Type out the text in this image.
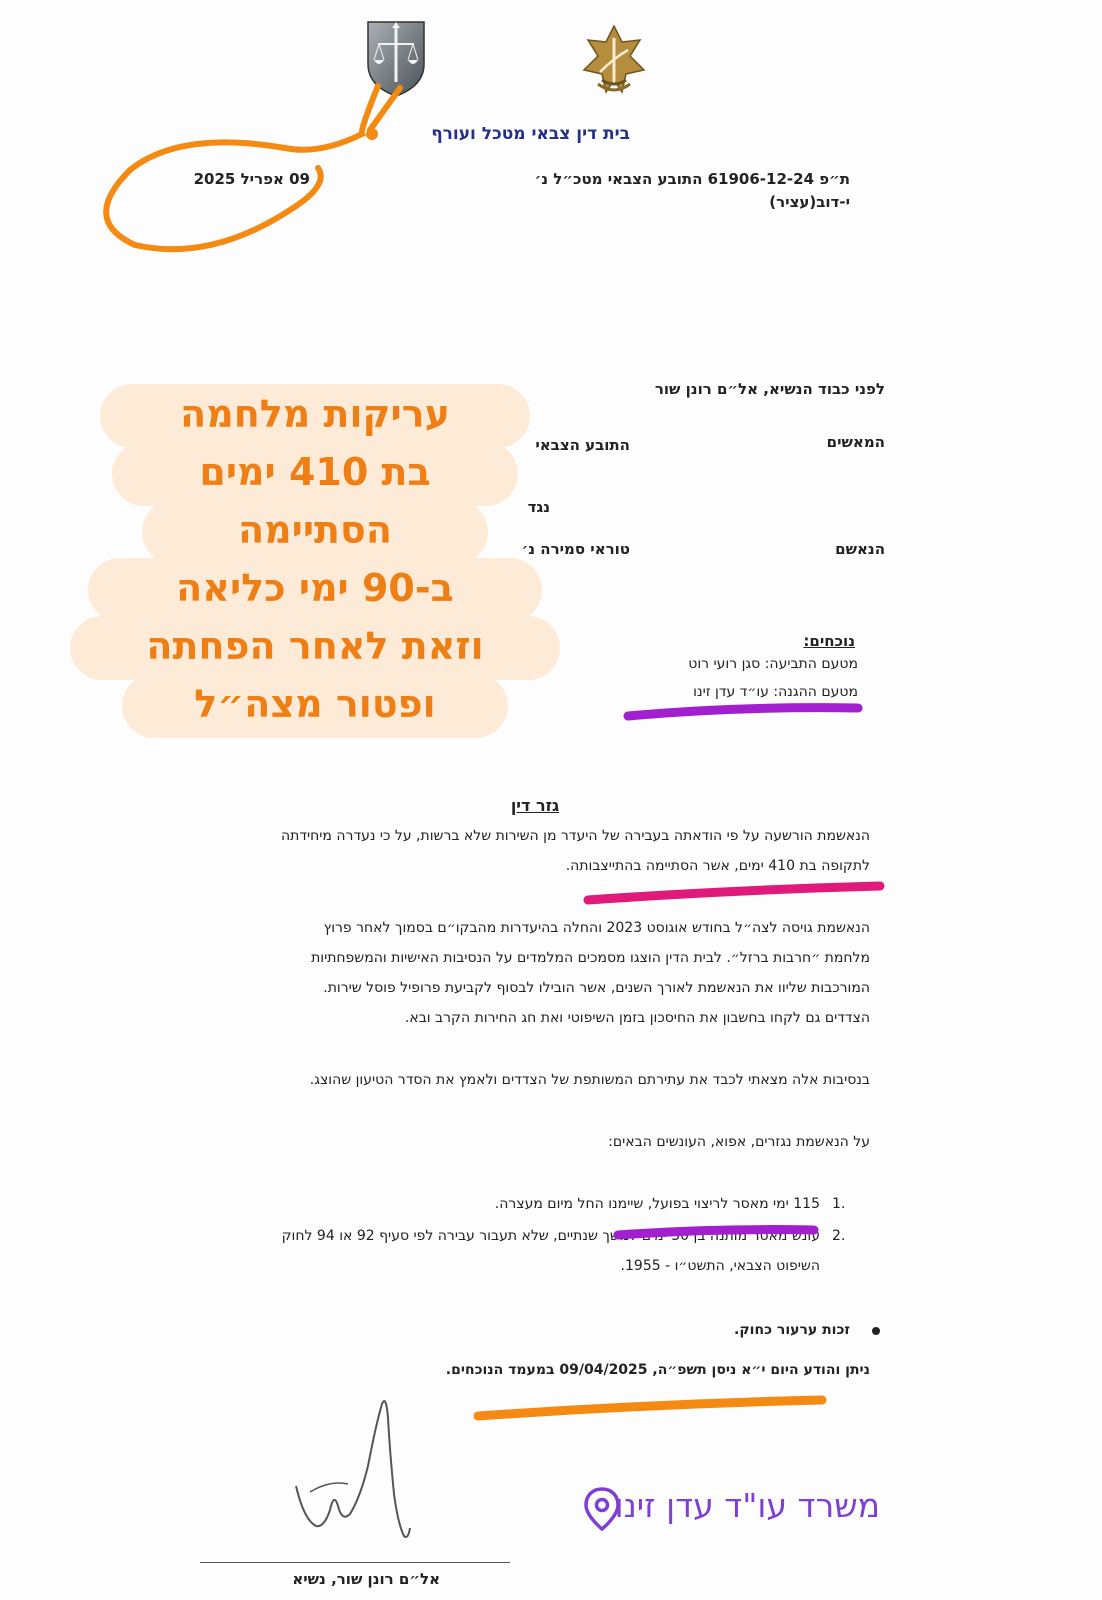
בית דין צבאי מטכל ועורף
ת״פ 61906-12-24 התובע הצבאי מטכ״ל נ׳
י-דוב(עציר)
09 אפריל 2025
לפני כבוד הנשיא, אל״ם רונן שור
המאשים
התובע הצבאי
נגד
הנאשם
טוראי סמירה נ׳
נוכחים:
מטעם התביעה: סגן רועי רוט
מטעם ההגנה: עו״ד עדן זינו
גזר דין
הנאשמת הורשעה על פי הודאתה בעבירה של היעדר מן השירות שלא ברשות, על כי נעדרה מיחידתה
לתקופה בת 410 ימים, אשר הסתיימה בהתייצבותה.
הנאשמת גויסה לצה״ל בחודש אוגוסט 2023 והחלה בהיעדרות מהבקו״ם בסמוך לאחר פרוץ
מלחמת ״חרבות ברזל״. לבית הדין הוצגו מסמכים המלמדים על הנסיבות האישיות והמשפחתיות
המורכבות שליוו את הנאשמת לאורך השנים, אשר הובילו לבסוף לקביעת פרופיל פוסל שירות.
הצדדים גם לקחו בחשבון את החיסכון בזמן השיפוטי ואת חג החירות הקרב ובא.
בנסיבות אלה מצאתי לכבד את עתירתם המשותפת של הצדדים ולאמץ את הסדר הטיעון שהוצג.
על הנאשמת נגזרים, אפוא, העונשים הבאים:
1.
115 ימי מאסר לריצוי בפועל, שיימנו החל מיום מעצרה.
2.
עונש מאסר מותנה בן 30 ימים למשך שנתיים, שלא תעבור עבירה לפי סעיף 92 או 94 לחוק
השיפוט הצבאי, התשט״ו - 1955.
זכות ערעור כחוק.
ניתן והודע היום י״א ניסן תשפ״ה, 09/04/2025 במעמד הנוכחים.
אל״ם רונן שור, נשיא
משרד עו"ד עדן זינו
עריקות מלחמה
בת 410 ימים
הסתיימה
ב-90 ימי כליאה
וזאת לאחר הפחתה
ופטור מצה״ל
